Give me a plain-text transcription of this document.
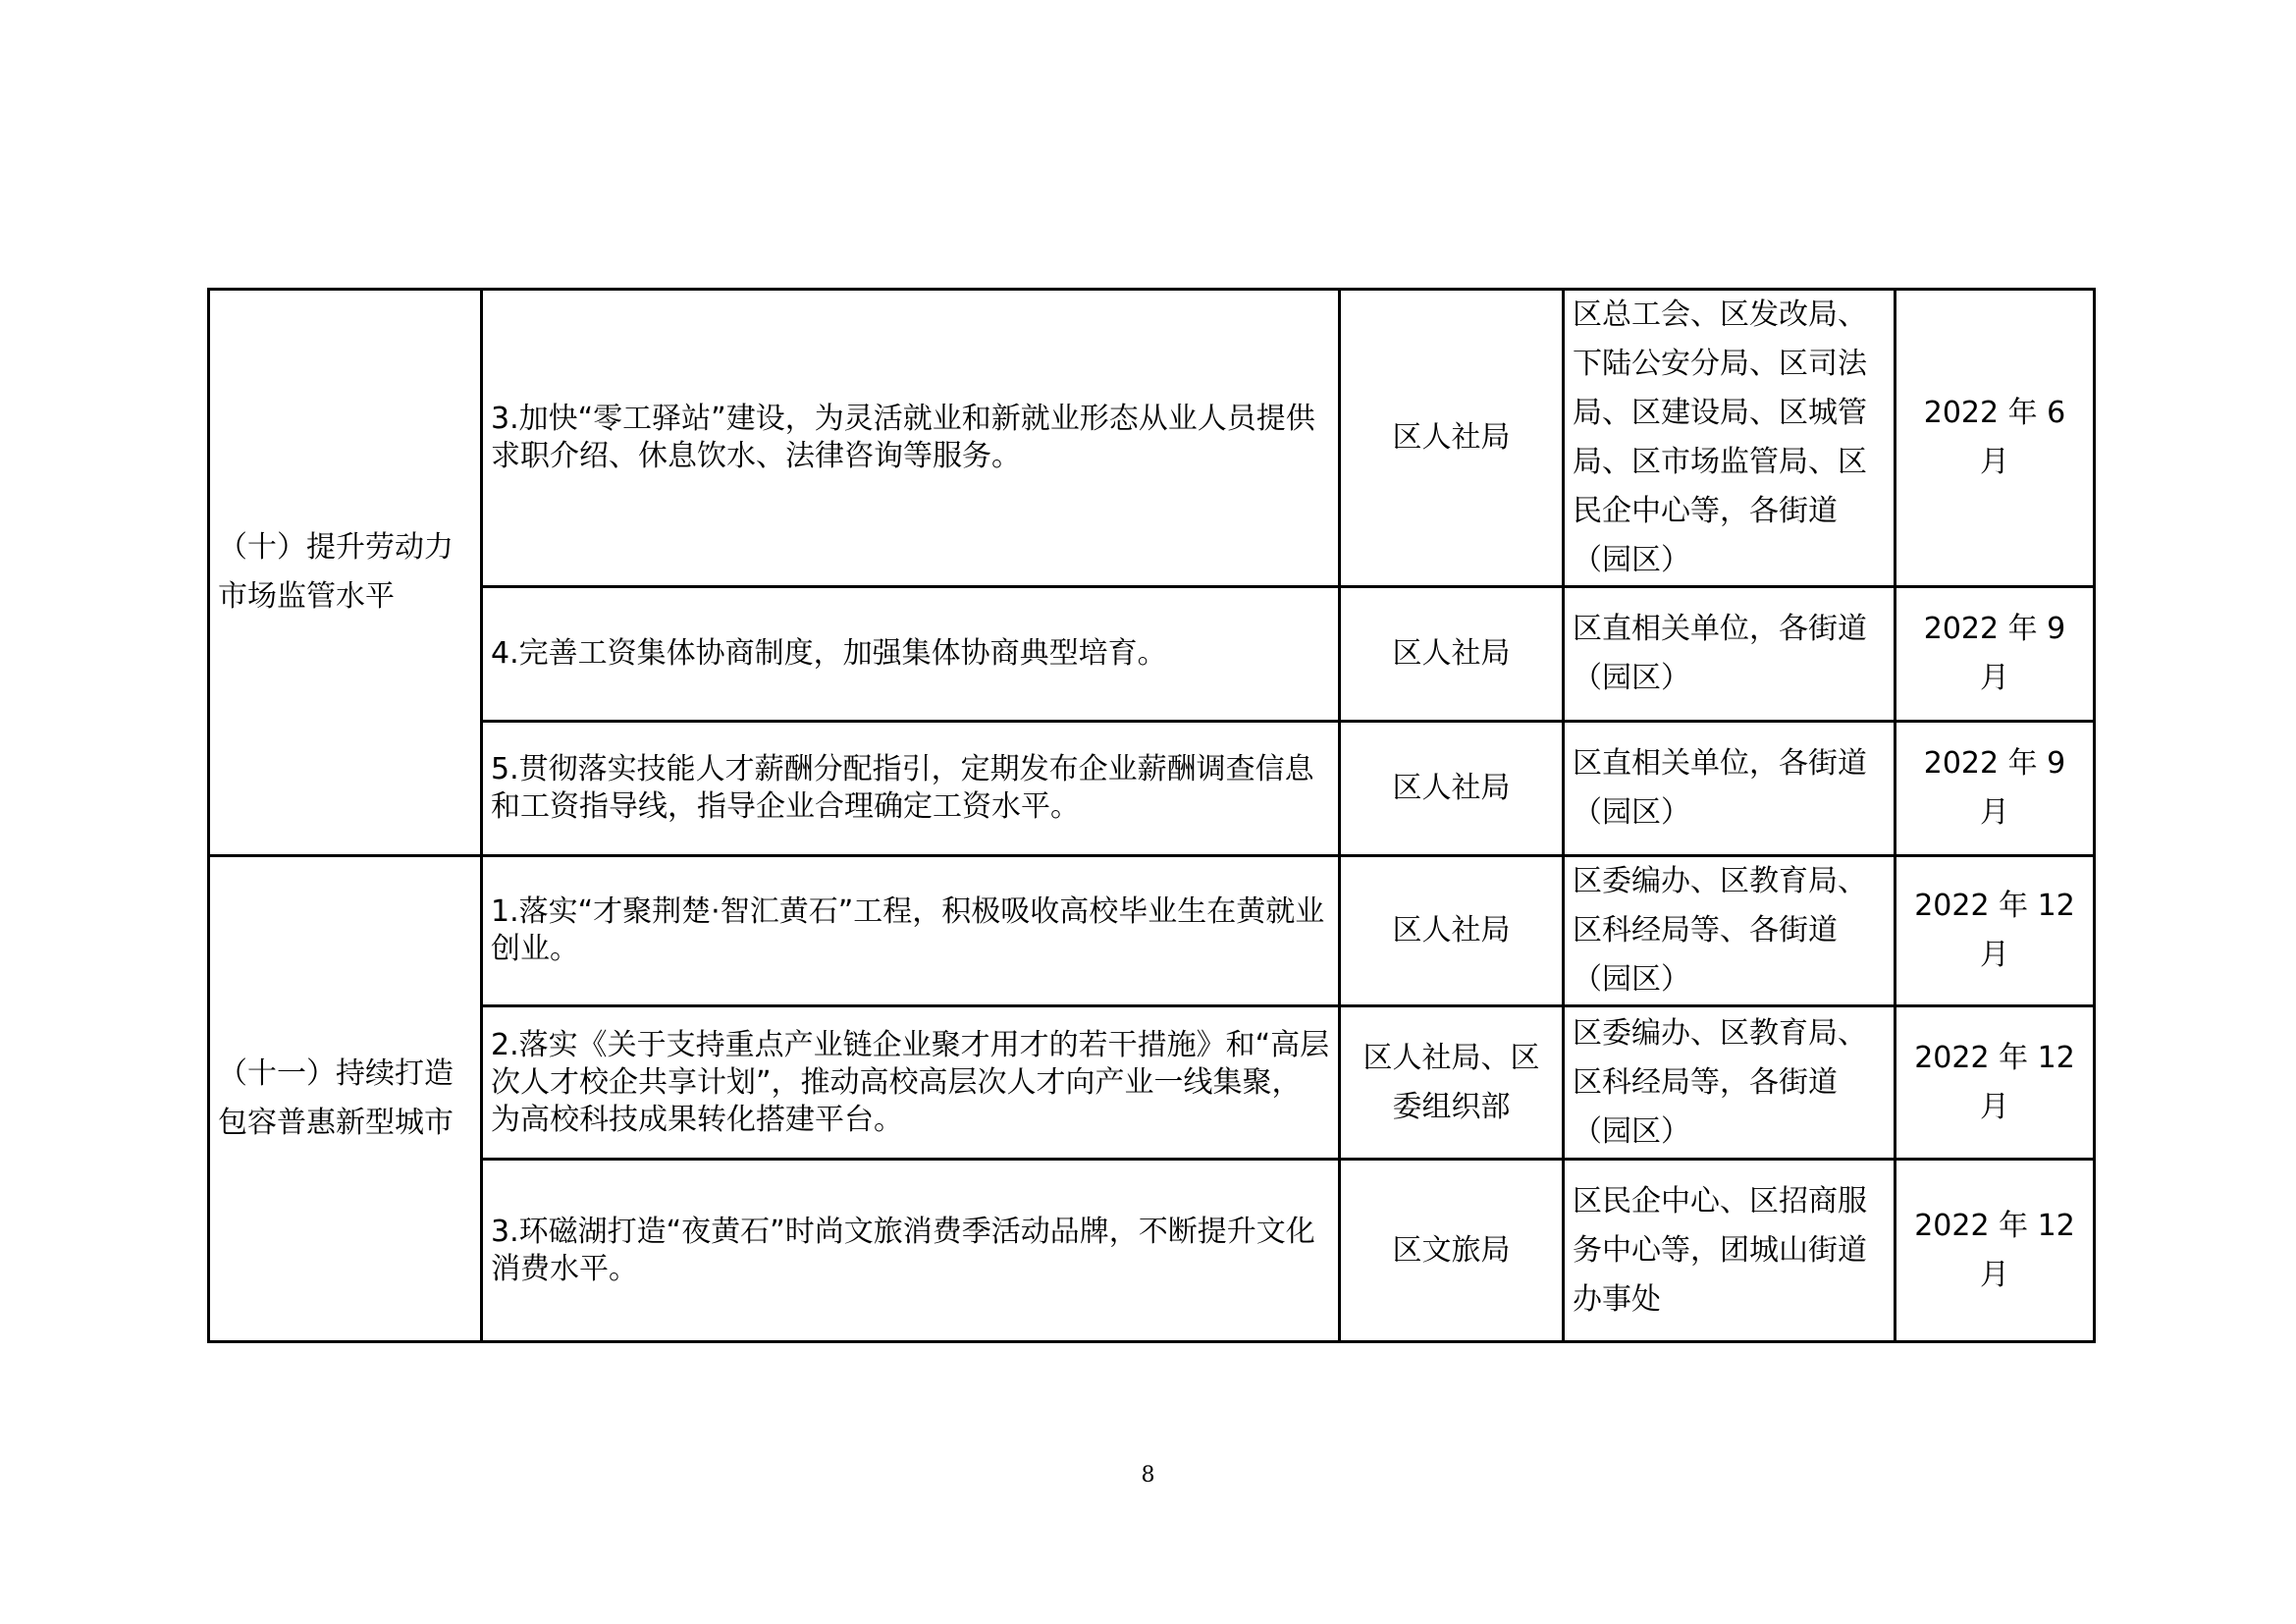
（十）提升劳动力市场监管水平	3.加快“零工驿站”建设，为灵活就业和新就业形态从业人员提供求职介绍、休息饮水、法律咨询等服务。	区人社局	区总工会、区发改局、下陆公安分局、区司法局、区建设局、区城管局、区市场监管局、区民企中心等，各街道（园区）	2022 年 6 月
	4.完善工资集体协商制度，加强集体协商典型培育。	区人社局	区直相关单位，各街道（园区）	2022 年 9 月
	5.贯彻落实技能人才薪酬分配指引，定期发布企业薪酬调查信息和工资指导线，指导企业合理确定工资水平。	区人社局	区直相关单位，各街道（园区）	2022 年 9 月
（十一）持续打造包容普惠新型城市	1.落实“才聚荆楚·智汇黄石”工程，积极吸收高校毕业生在黄就业创业。	区人社局	区委编办、区教育局、区科经局等、各街道（园区）	2022 年 12 月
	2.落实《关于支持重点产业链企业聚才用才的若干措施》和“高层次人才校企共享计划”，推动高校高层次人才向产业一线集聚，为高校科技成果转化搭建平台。	区人社局、区委组织部	区委编办、区教育局、区科经局等，各街道（园区）	2022 年 12 月
	3.环磁湖打造“夜黄石”时尚文旅消费季活动品牌，不断提升文化消费水平。	区文旅局	区民企中心、区招商服务中心等，团城山街道办事处	2022 年 12 月
8
